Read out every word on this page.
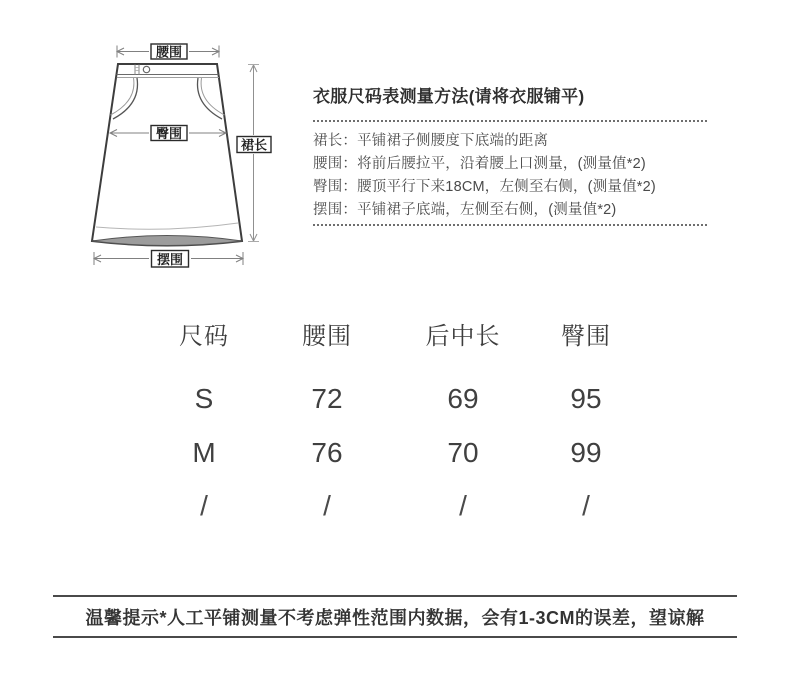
腰围
臀围
裙长
摆围
衣服尺码表测量方法(请将衣服铺平)
裙长：平铺裙子侧腰度下底端的距离
腰围：将前后腰拉平，沿着腰上口测量，(测量值*2)
臀围：腰顶平行下来18CM，左侧至右侧，(测量值*2)
摆围：平铺裙子底端，左侧至右侧，(测量值*2)
尺码	腰围	后中长	臀围
S	72	69	95
M	76	70	99
/	/	/	/
温馨提示*人工平铺测量不考虑弹性范围内数据，会有1-3CM的误差，望谅解
